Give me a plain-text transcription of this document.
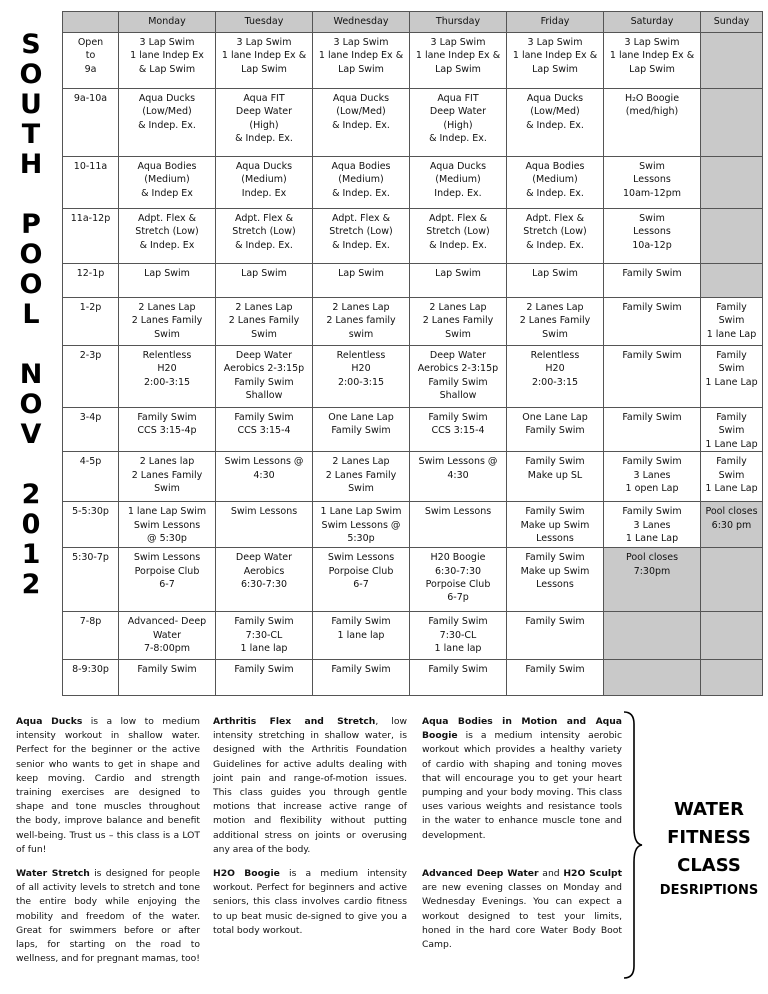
S
O
U
T
H
P
O
O
L
N
O
V
2
0
1
2
	Monday	Tuesday	Wednesday	Thursday	Friday	Saturday	Sunday
Open
to
9a	3 Lap Swim
1 lane Indep Ex
& Lap Swim	3 Lap Swim
1 lane Indep Ex &
Lap Swim	3 Lap Swim
1 lane Indep Ex &
Lap Swim	3 Lap Swim
1 lane Indep Ex &
Lap Swim	3 Lap Swim
1 lane Indep Ex &
Lap Swim	3 Lap Swim
1 lane Indep Ex &
Lap Swim	

9a-10a	Aqua Ducks
(Low/Med)
& Indep. Ex.	Aqua FIT
Deep Water
(High)
& Indep. Ex.	Aqua Ducks
(Low/Med)
& Indep. Ex.	Aqua FIT
Deep Water
(High)
& Indep. Ex.	Aqua Ducks
(Low/Med)
& Indep. Ex.	H₂O Boogie
(med/high)	

10-11a	Aqua Bodies
(Medium)
& Indep Ex	Aqua Ducks
(Medium)
Indep. Ex	Aqua Bodies
(Medium)
& Indep. Ex.	Aqua Ducks
(Medium)
Indep. Ex.	Aqua Bodies
(Medium)
& Indep. Ex.	Swim
Lessons
10am-12pm	

11a-12p	Adpt. Flex &
Stretch (Low)
& Indep. Ex	Adpt. Flex &
Stretch (Low)
& Indep. Ex.	Adpt. Flex &
Stretch (Low)
& Indep. Ex.	Adpt. Flex &
Stretch (Low)
& Indep. Ex.	Adpt. Flex &
Stretch (Low)
& Indep. Ex.	Swim
Lessons
10a-12p	

12-1p	Lap Swim	Lap Swim	Lap Swim	Lap Swim	Lap Swim	Family Swim	

1-2p	2 Lanes Lap
2 Lanes Family
Swim	2 Lanes Lap
2 Lanes Family
Swim	2 Lanes Lap
2 Lanes family
swim	2 Lanes Lap
2 Lanes Family
Swim	2 Lanes Lap
2 Lanes Family
Swim	Family Swim	Family Swim
1 lane Lap

2-3p	Relentless
H20
2:00-3:15	Deep Water
Aerobics 2-3:15p
Family Swim
Shallow	Relentless
H20
2:00-3:15	Deep Water
Aerobics 2-3:15p
Family Swim
Shallow	Relentless
H20
2:00-3:15	Family Swim	Family Swim
1 Lane Lap

3-4p	Family Swim
CCS 3:15-4p	Family Swim
CCS 3:15-4	One Lane Lap
Family Swim	Family Swim
CCS 3:15-4	One Lane Lap
Family Swim	Family Swim	Family Swim
1 Lane Lap

4-5p	2 Lanes lap
2 Lanes Family
Swim	Swim Lessons @
4:30	2 Lanes Lap
2 Lanes Family
Swim	Swim Lessons @
4:30	Family Swim
Make up SL	Family Swim
3 Lanes
1 open Lap	Family Swim
1 Lane Lap

5-5:30p	1 lane Lap Swim
Swim Lessons
@ 5:30p	Swim Lessons	1 Lane Lap Swim
Swim Lessons @
5:30p	Swim Lessons	Family Swim
Make up Swim
Lessons	Family Swim
3 Lanes
1 Lane Lap	Pool closes
6:30 pm

5:30-7p	Swim Lessons
Porpoise Club
6-7	Deep Water
Aerobics
6:30-7:30	Swim Lessons
Porpoise Club
6-7	H20 Boogie
6:30-7:30
Porpoise Club
6-7p	Family Swim
Make up Swim
Lessons	Pool closes
7:30pm	

7-8p	Advanced- Deep
Water
7-8:00pm	Family Swim
7:30-CL
1 lane lap	Family Swim
1 lane lap	Family Swim
7:30-CL
1 lane lap	Family Swim		

8-9:30p	Family Swim	Family Swim	Family Swim	Family Swim	Family Swim		

Aqua Ducks is a low to medium intensity workout in shallow water. Perfect for the beginner or the active senior who wants to get in shape and keep moving. Cardio and strength training exercises are designed to shape and tone muscles throughout the body, improve balance and benefit well-being. Trust us – this class is a LOT of fun!

Water Stretch is designed for people of all activity levels to stretch and tone the entire body while enjoying the mobility and freedom of the water. Great for swimmers before or after laps, for starting on the road to wellness, and for pregnant mamas, too!

Arthritis Flex and Stretch, low intensity stretching in shallow water, is designed with the Arthritis Foundation Guidelines for active adults dealing with joint pain and range-of-motion issues. This class guides you through gentle motions that increase active range of motion and flexibility without putting additional stress on joints or overusing any area of the body.

H2O Boogie is a medium intensity workout. Perfect for beginners and active seniors, this class involves cardio fitness to up beat music de-signed to give you a total body workout.

Aqua Bodies in Motion and Aqua Boogie is a medium intensity aerobic workout which provides a healthy variety of cardio with shaping and toning moves that will encourage you to get your heart pumping and your body moving. This class uses various weights and resistance tools in the water to enhance muscle tone and development.

Advanced Deep Water and H2O Sculpt are new evening classes on Monday and Wednesday Evenings. You can expect a workout designed to test your limits, honed in the hard core Water Body Boot Camp.

WATER
FITNESS
CLASS
DESRIPTIONS
